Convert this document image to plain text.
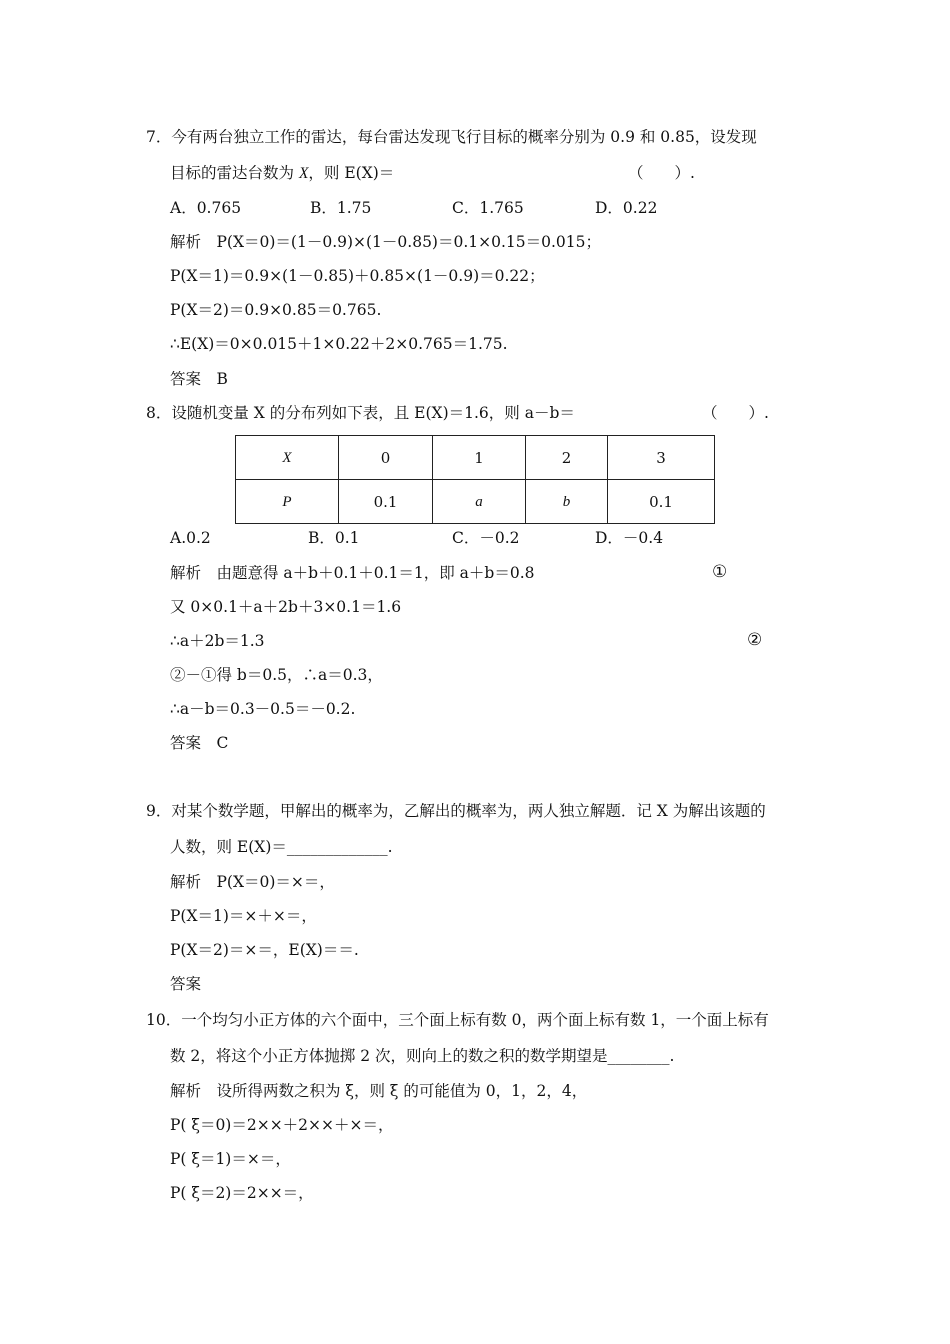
7．今有两台独立工作的雷达，每台雷达发现飞行目标的概率分别为 0.9 和 0.85，设发现
目标的雷达台数为 X，则 E(X)＝	（　　）.
A．0.765	B．1.75	C．1.765	D．0.22
解析　P(X＝0)＝(1－0.9)×(1－0.85)＝0.1×0.15＝0.015；
P(X＝1)＝0.9×(1－0.85)＋0.85×(1－0.9)＝0.22；
P(X＝2)＝0.9×0.85＝0.765.
∴E(X)＝0×0.015＋1×0.22＋2×0.765＝1.75.
答案　B
8．设随机变量 X 的分布列如下表，且 E(X)＝1.6，则 a－b＝	（　　）.
X	0	1	2	3
P	0.1	a	b	0.1
A.0.2	B．0.1	C．－0.2	D．－0.4
解析　由题意得 a＋b＋0.1＋0.1＝1，即 a＋b＝0.8	①
又 0×0.1＋a＋2b＋3×0.1＝1.6
∴a＋2b＝1.3	②
②－①得 b＝0.5，∴a＝0.3，
∴a－b＝0.3－0.5＝－0.2.
答案　C
9．对某个数学题，甲解出的概率为，乙解出的概率为，两人独立解题．记 X 为解出该题的
人数，则 E(X)＝_____________.
解析　P(X＝0)＝×＝，
P(X＝1)＝×＋×＝，
P(X＝2)＝×＝，E(X)＝＝.
答案
10．一个均匀小正方体的六个面中，三个面上标有数 0，两个面上标有数 1，一个面上标有
数 2，将这个小正方体抛掷 2 次，则向上的数之积的数学期望是________.
解析　设所得两数之积为 ξ，则 ξ 的可能值为 0，1，2，4，
P( ξ＝0)＝2××＋2××＋×＝，
P( ξ＝1)＝×＝，
P( ξ＝2)＝2××＝，
